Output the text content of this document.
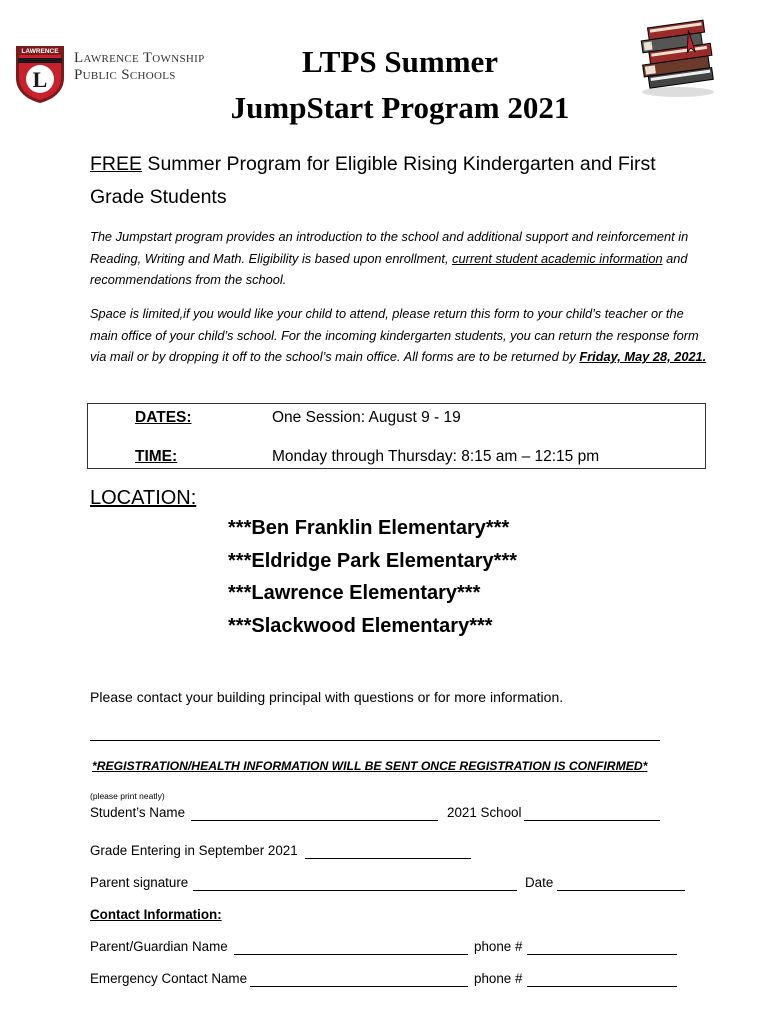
LAWRENCE
L
Lawrence Township
Public Schools	LTPS Summer
JumpStart Program 2021
FREE Summer Program for Eligible Rising Kindergarten and First Grade Students
The Jumpstart program provides an introduction to the school and additional support and reinforcement in Reading, Writing and Math. Eligibility is based upon enrollment, current student academic information and recommendations from the school.
Space is limited,if you would like your child to attend, please return this form to your child’s teacher or the main office of your child’s school. For the incoming kindergarten students, you can return the response form via mail or by dropping it off to the school’s main office. All forms are to be returned by Friday, May 28, 2021.
DATES:	One Session: August 9 - 19
TIME:	Monday through Thursday: 8:15 am – 12:15 pm
LOCATION:
***Ben Franklin Elementary***
***Eldridge Park Elementary***
***Lawrence Elementary***
***Slackwood Elementary***
Please contact your building principal with questions or for more information.
*REGISTRATION/HEALTH INFORMATION WILL BE SENT ONCE REGISTRATION IS CONFIRMED*
(please print neatly)
Student’s Name	2021 School
Grade Entering in September 2021
Parent signature	Date
Contact Information:
Parent/Guardian Name	phone #
Emergency Contact Name	phone #
